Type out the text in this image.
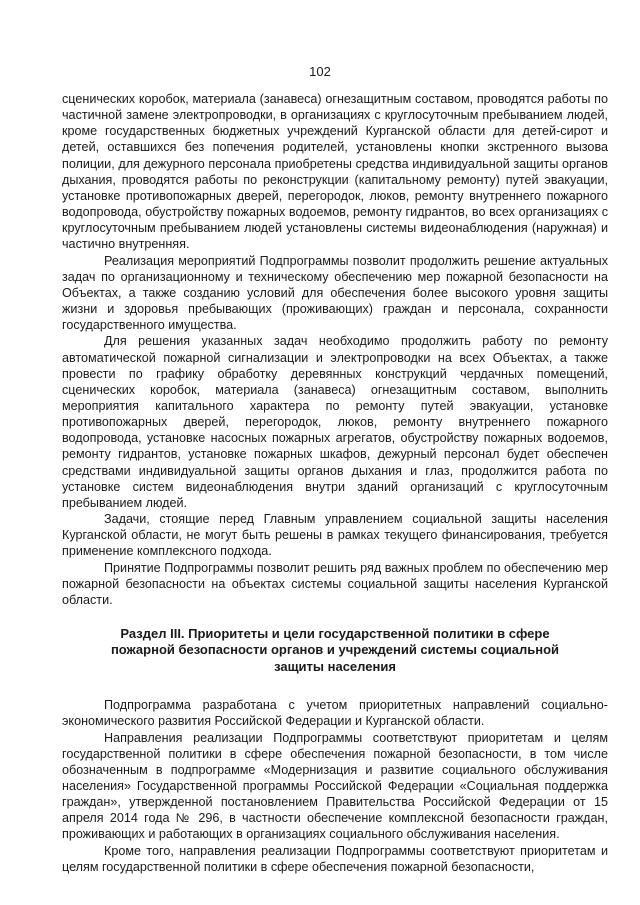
102

сценических коробок, материала (занавеса) огнезащитным составом, проводятся работы по частичной замене электропроводки, в организациях с круглосуточным пребыванием людей, кроме государственных бюджетных учреждений Курганской области для детей-сирот и детей, оставшихся без попечения родителей, установлены кнопки экстренного вызова полиции, для дежурного персонала приобретены средства индивидуальной защиты органов дыхания, проводятся работы по реконструкции (капитальному ремонту) путей эвакуации, установке противопожарных дверей, перегородок, люков, ремонту внутреннего пожарного водопровода, обустройству пожарных водоемов, ремонту гидрантов, во всех организациях с круглосуточным пребыванием людей установлены системы видеонаблюдения (наружная) и частично внутренняя.

Реализация мероприятий Подпрограммы позволит продолжить решение актуальных задач по организационному и техническому обеспечению мер пожарной безопасности на Объектах, а также созданию условий для обеспечения более высокого уровня защиты жизни и здоровья пребывающих (проживающих) граждан и персонала, сохранности государственного имущества.

Для решения указанных задач необходимо продолжить работу по ремонту автоматической пожарной сигнализации и электропроводки на всех Объектах, а также провести по графику обработку деревянных конструкций чердачных помещений, сценических коробок, материала (занавеса) огнезащитным составом, выполнить мероприятия капитального характера по ремонту путей эвакуации, установке противопожарных дверей, перегородок, люков, ремонту внутреннего пожарного водопровода, установке насосных пожарных агрегатов, обустройству пожарных водоемов, ремонту гидрантов, установке пожарных шкафов, дежурный персонал будет обеспечен средствами индивидуальной защиты органов дыхания и глаз, продолжится работа по установке систем видеонаблюдения внутри зданий организаций с круглосуточным пребыванием людей.

Задачи, стоящие перед Главным управлением социальной защиты населения Курганской области, не могут быть решены в рамках текущего финансирования, требуется применение комплексного подхода.

Принятие Подпрограммы позволит решить ряд важных проблем по обеспечению мер пожарной безопасности на объектах системы социальной защиты населения Курганской области.

Раздел III. Приоритеты и цели государственной политики в сфере пожарной безопасности органов и учреждений системы социальной защиты населения

Подпрограмма разработана с учетом приоритетных направлений социально-экономического развития Российской Федерации и Курганской области.

Направления реализации Подпрограммы соответствуют приоритетам и целям государственной политики в сфере обеспечения пожарной безопасности, в том числе обозначенным в подпрограмме «Модернизация и развитие социального обслуживания населения» Государственной программы Российской Федерации «Социальная поддержка граждан», утвержденной постановлением Правительства Российской Федерации от 15 апреля 2014 года № 296, в частности обеспечение комплексной безопасности граждан, проживающих и работающих в организациях социального обслуживания населения.

Кроме того, направления реализации Подпрограммы соответствуют приоритетам и целям государственной политики в сфере обеспечения пожарной безопасности,
